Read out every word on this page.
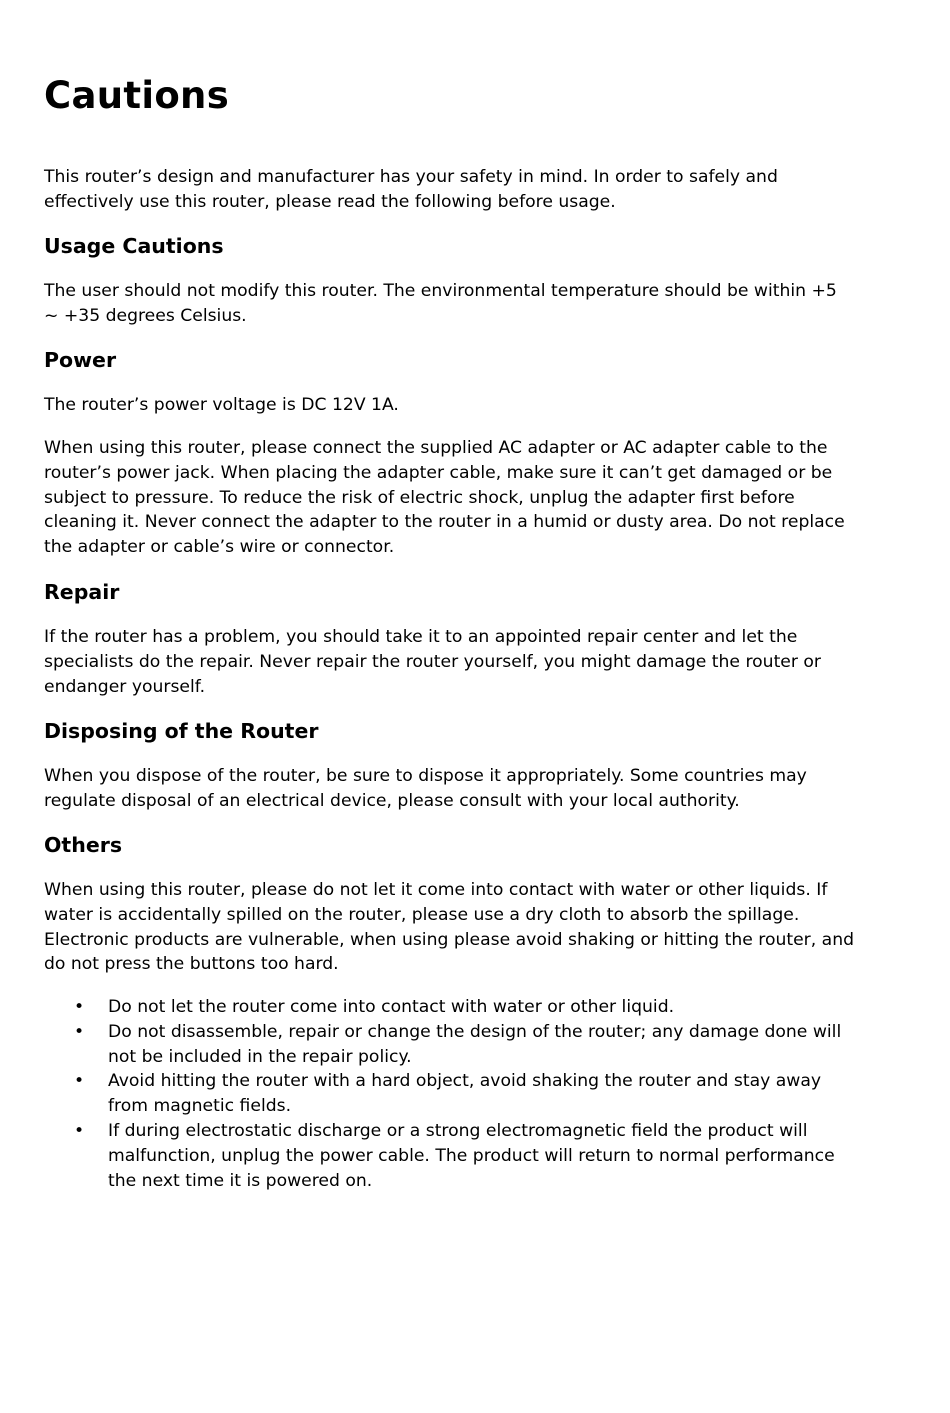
Cautions

This router’s design and manufacturer has your safety in mind. In order to safely and effectively use this router, please read the following before usage.

Usage Cautions

The user should not modify this router. The environmental temperature should be within +5 ~ +35 degrees Celsius.

Power

The router’s power voltage is DC 12V 1A.

When using this router, please connect the supplied AC adapter or AC adapter cable to the router’s power jack. When placing the adapter cable, make sure it can’t get damaged or be subject to pressure. To reduce the risk of electric shock, unplug the adapter first before cleaning it. Never connect the adapter to the router in a humid or dusty area. Do not replace the adapter or cable’s wire or connector.

Repair

If the router has a problem, you should take it to an appointed repair center and let the specialists do the repair. Never repair the router yourself, you might damage the router or endanger yourself.

Disposing of the Router

When you dispose of the router, be sure to dispose it appropriately. Some countries may regulate disposal of an electrical device, please consult with your local authority.

Others

When using this router, please do not let it come into contact with water or other liquids. If water is accidentally spilled on the router, please use a dry cloth to absorb the spillage. Electronic products are vulnerable, when using please avoid shaking or hitting the router, and do not press the buttons too hard.

• Do not let the router come into contact with water or other liquid.
• Do not disassemble, repair or change the design of the router; any damage done will not be included in the repair policy.
• Avoid hitting the router with a hard object, avoid shaking the router and stay away from magnetic fields.
• If during electrostatic discharge or a strong electromagnetic field the product will malfunction, unplug the power cable. The product will return to normal performance the next time it is powered on.
